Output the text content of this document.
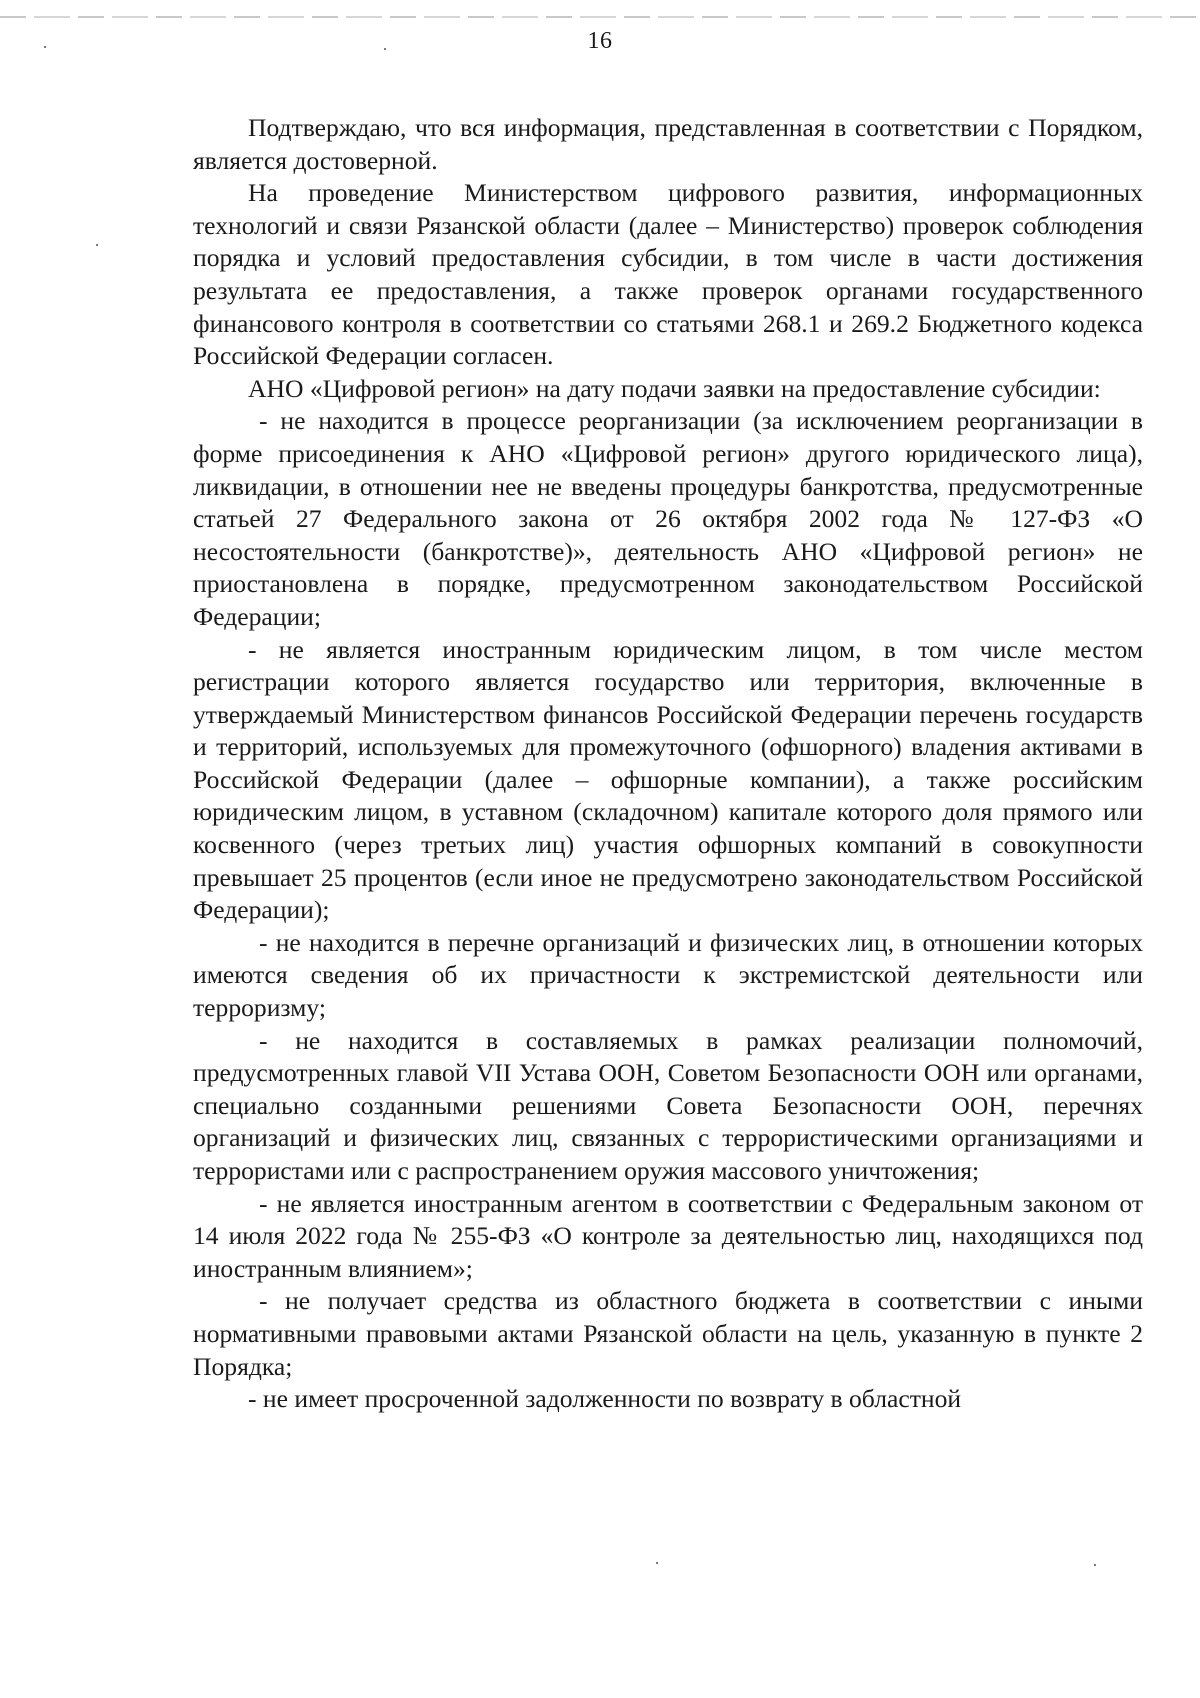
16

Подтверждаю, что вся информация, представленная в соответствии с Порядком, является достоверной.

На проведение Министерством цифрового развития, информационных технологий и связи Рязанской области (далее – Министерство) проверок соблюдения порядка и условий предоставления субсидии, в том числе в части достижения результата ее предоставления, а также проверок органами государственного финансового контроля в соответствии со статьями 268.1 и 269.2 Бюджетного кодекса Российской Федерации согласен.

АНО «Цифровой регион» на дату подачи заявки на предоставление субсидии:

- не находится в процессе реорганизации (за исключением реорганизации в форме присоединения к АНО «Цифровой регион» другого юридического лица), ликвидации, в отношении нее не введены процедуры банкротства, предусмотренные статьей 27 Федерального закона от 26 октября 2002 года № 127-ФЗ «О несостоятельности (банкротстве)», деятельность АНО «Цифровой регион» не приостановлена в порядке, предусмотренном законодательством Российской Федерации;

- не является иностранным юридическим лицом, в том числе местом регистрации которого является государство или территория, включенные в утверждаемый Министерством финансов Российской Федерации перечень государств и территорий, используемых для промежуточного (офшорного) владения активами в Российской Федерации (далее – офшорные компании), а также российским юридическим лицом, в уставном (складочном) капитале которого доля прямого или косвенного (через третьих лиц) участия офшорных компаний в совокупности превышает 25 процентов (если иное не предусмотрено законодательством Российской Федерации);

- не находится в перечне организаций и физических лиц, в отношении которых имеются сведения об их причастности к экстремистской деятельности или терроризму;

- не находится в составляемых в рамках реализации полномочий, предусмотренных главой VII Устава ООН, Советом Безопасности ООН или органами, специально созданными решениями Совета Безопасности ООН, перечнях организаций и физических лиц, связанных с террористическими организациями и террористами или с распространением оружия массового уничтожения;

- не является иностранным агентом в соответствии с Федеральным законом от 14 июля 2022 года № 255-ФЗ «О контроле за деятельностью лиц, находящихся под иностранным влиянием»;

- не получает средства из областного бюджета в соответствии с иными нормативными правовыми актами Рязанской области на цель, указанную в пункте 2 Порядка;

- не имеет просроченной задолженности по возврату в областной
